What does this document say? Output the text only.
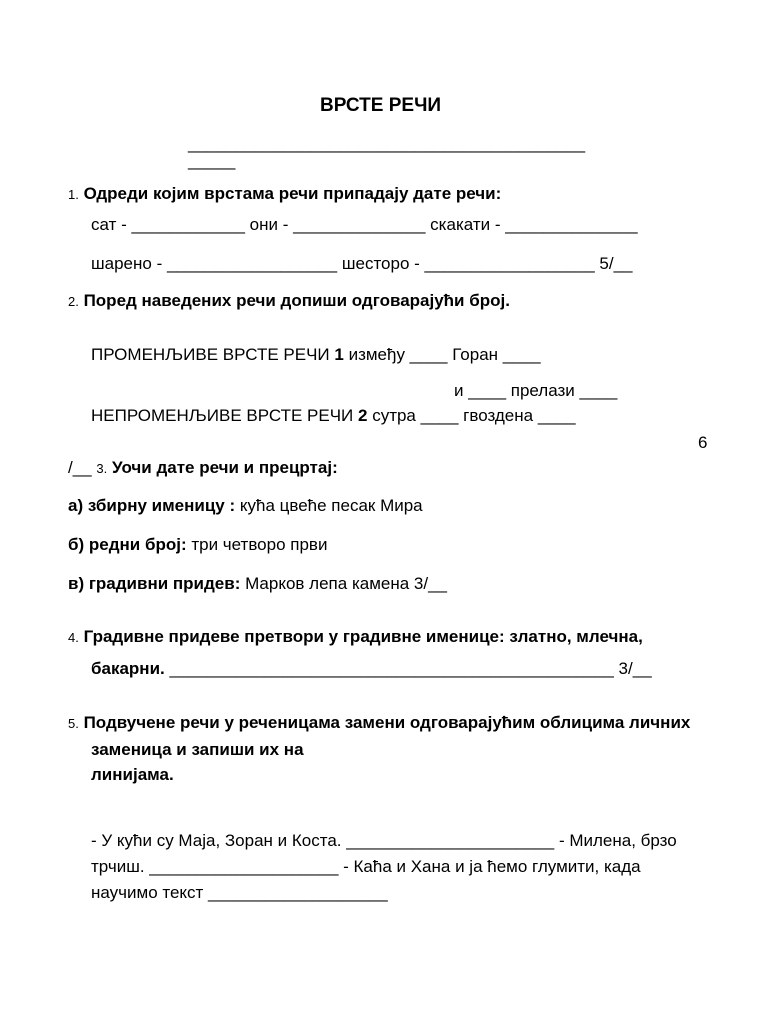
ВРСТЕ РЕЧИ
__________________________________________
_____
1. Одреди којим врстама речи припадају дате речи:
сат - ____________ они - ______________ скакати - ______________
шарено - __________________ шесторо - __________________ 5/__
2. Поред наведених речи допиши одговарајући број.
ПРОМЕНЉИВЕ ВРСТЕ РЕЧИ 1 између ____ Горан ____
и ____ прелази ____
НЕПРОМЕНЉИВЕ ВРСТЕ РЕЧИ 2 сутра ____ гвоздена ____
6
/__ 3. Уочи дате речи и прецртај:
а) збирну именицу : кућа цвеће песак Мира
б) редни број: три четворо први
в) градивни придев: Марков лепа камена 3/__
4. Градивне придеве претвори у градивне именице: златно, млечна,
бакарни. _______________________________________________ 3/__
5. Подвучене речи у реченицама замени одговарајућим облицима личних
заменица и запиши их на
линијама.
- У кући су Маја, Зоран и Коста. ______________________ - Милена, брзо
трчиш. ____________________ - Каћа и Хана и ја ћемо глумити, када
научимо текст ___________________
